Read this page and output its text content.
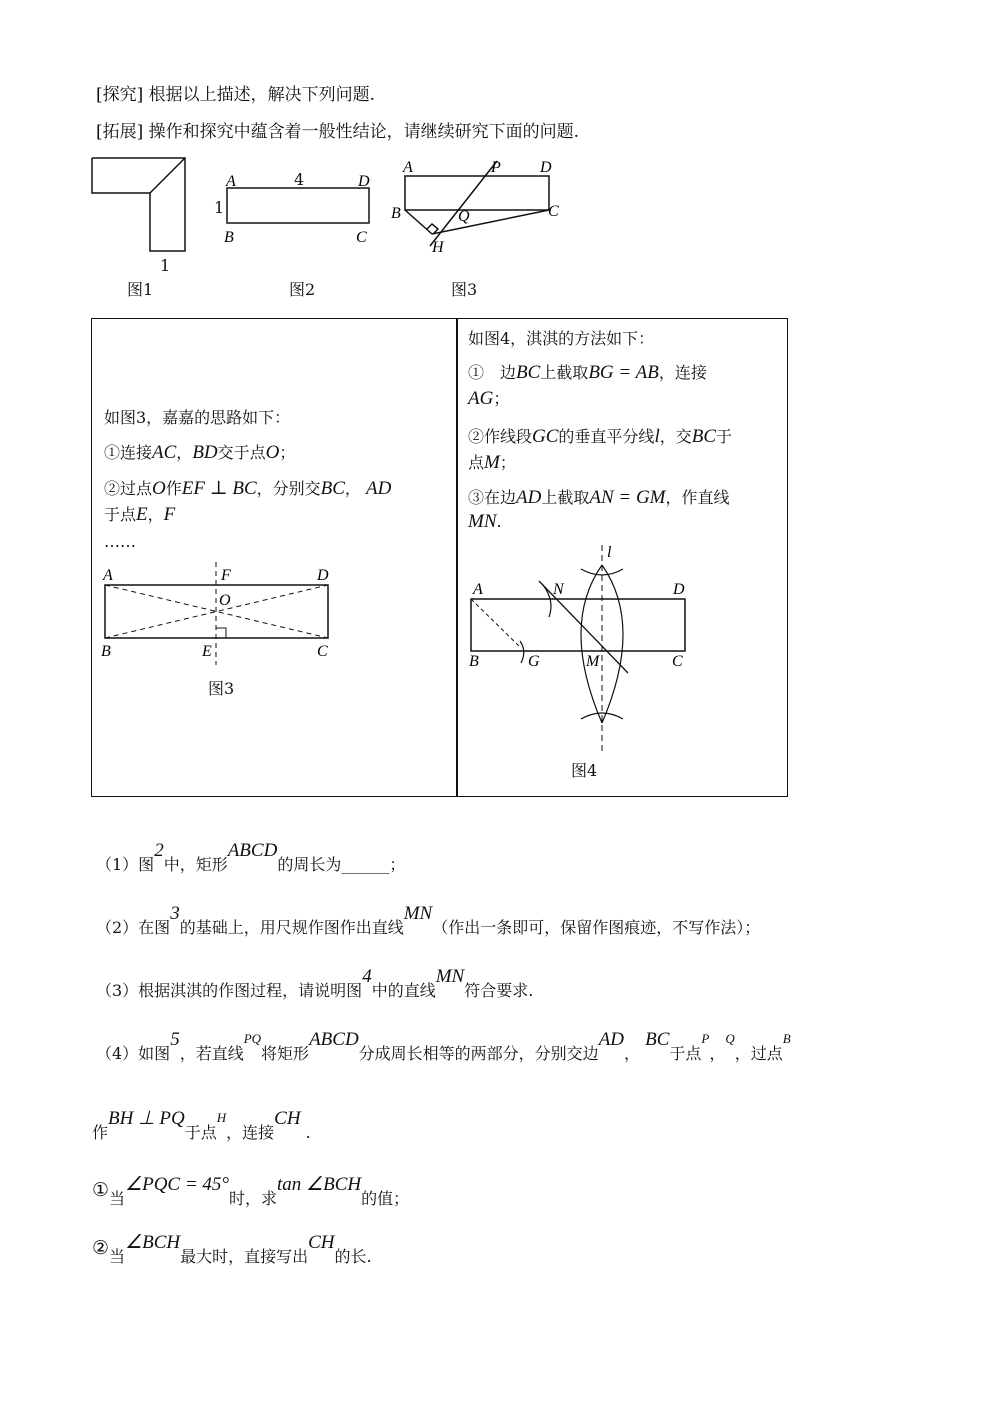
[探究] 根据以上描述，解决下列问题.
[拓展] 操作和探究中蕴含着一般性结论，请继续研究下面的问题.
A	D
B	C
A	P D
B	Q	C
H
1
图1
4
1
图2	图3
如图3，嘉嘉的思路如下：
①连接AC，BD交于点O；
②过点O作EF ⊥ BC，分别交BC， AD
于点E，F
……
A	F	D
O
B	E	C
图3
如图4，淇淇的方法如下：
①　边BC上截取BG = AB，连接
AG；
②作线段GC的垂直平分线l，交BC于
点M；
③在边AD上截取AN = GM，作直线
MN.
l
A	N	D
B	G	M	C
图4
（1）图2中，矩形ABCD的周长为______；
（2）在图3的基础上，用尺规作图作出直线MN（作出一条即可，保留作图痕迹，不写作法）；
（3）根据淇淇的作图过程，请说明图4中的直线MN符合要求.
（4）如图5，若直线$^{PQ}$将矩形ABCD分成周长相等的两部分，分别交边AD， BC于点$^P$，$^Q$，过点$^B$
作BH ⊥ PQ于点$^H$，连接CH .
①当∠PQC = 45°时，求tan ∠BCH的值；
②当∠BCH最大时，直接写出CH的长.
